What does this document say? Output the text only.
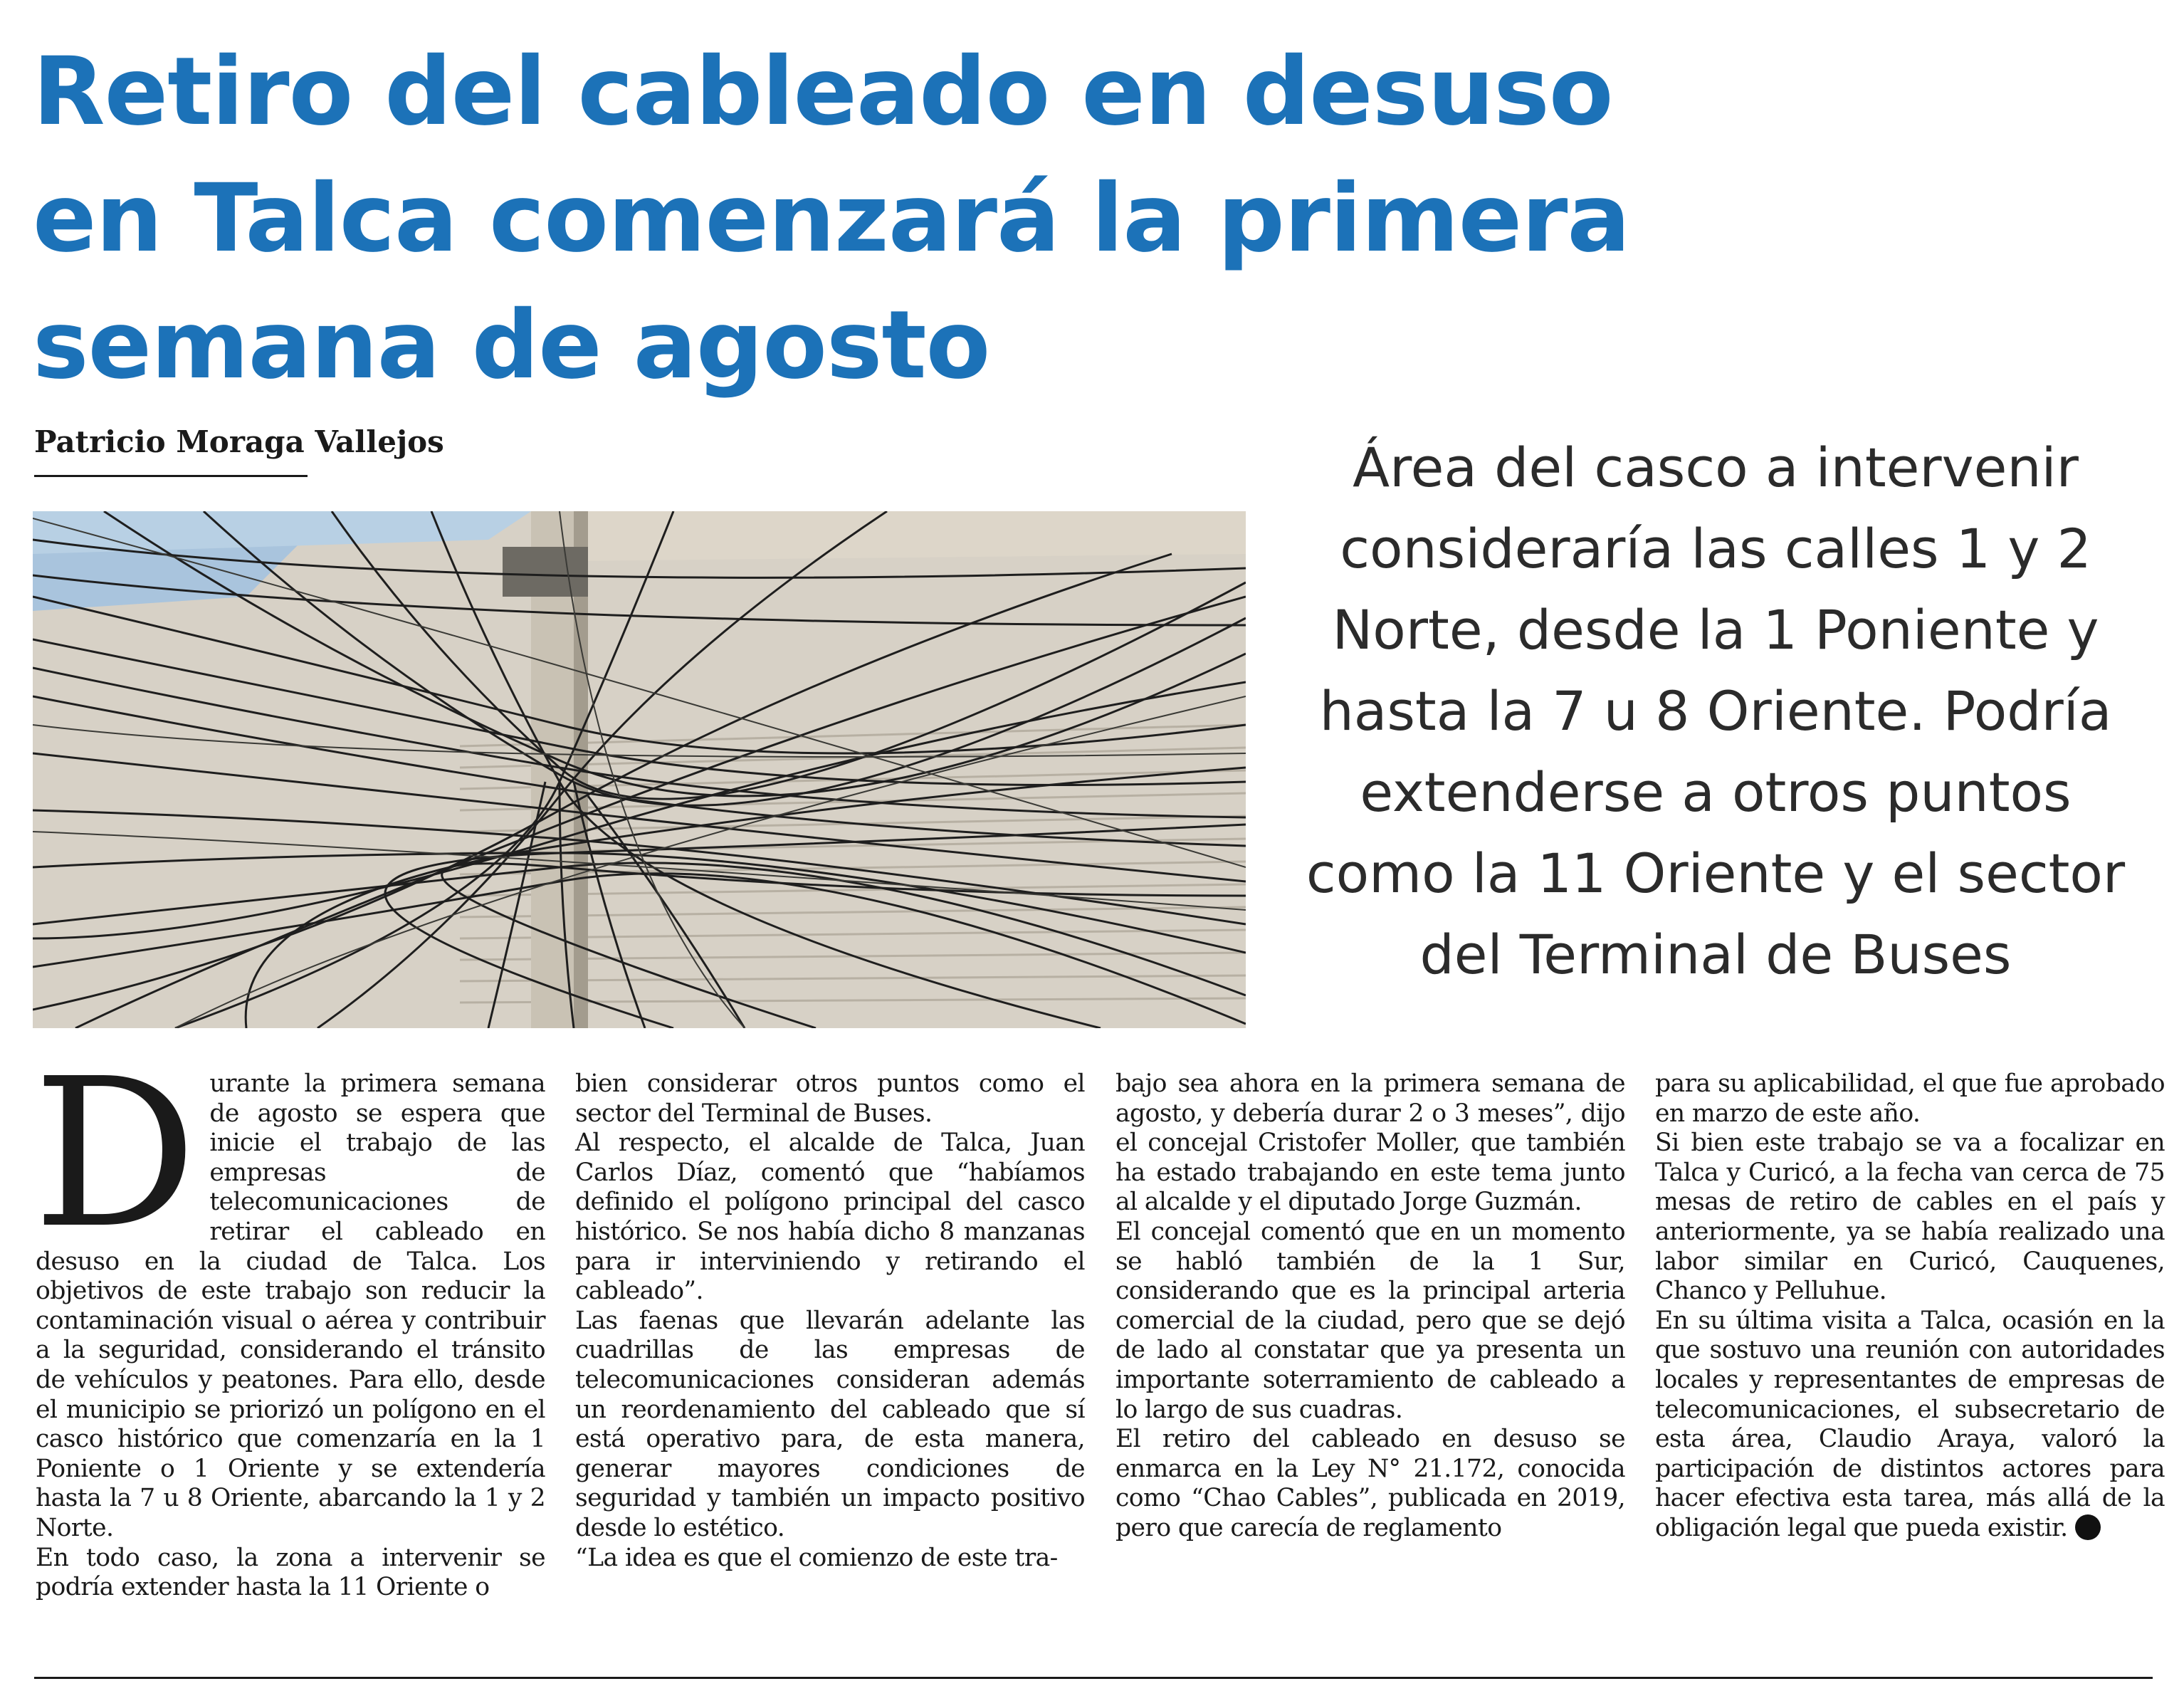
Retiro del cableado en desuso
en Talca comenzará la primera
semana de agosto
Patricio Moraga Vallejos	Área del casco a intervenir
consideraría las calles 1 y 2
Norte, desde la 1 Poniente y
hasta la 7 u 8 Oriente. Podría
extenderse a otros puntos
como la 11 Oriente y el sector
del Terminal de Buses

Durante la primera semana de agosto se espera que inicie el trabajo de las empresas de telecomunicaciones de retirar el cableado en desuso en la ciudad de Talca. Los objetivos de este trabajo son reducir la contaminación visual o aérea y contribuir a la seguridad, considerando el tránsito de vehículos y peatones. Para ello, desde el municipio se priorizó un polígono en el casco histórico que comenzaría en la 1 Poniente o 1 Oriente y se extendería hasta la 7 u 8 Oriente, abarcando la 1 y 2 Norte.

En todo caso, la zona a intervenir se podría extender hasta la 11 Oriente o

bien considerar otros puntos como el sector del Terminal de Buses.

Al respecto, el alcalde de Talca, Juan Carlos Díaz, comentó que “habíamos definido el polígono principal del casco histórico. Se nos había dicho 8 manzanas para ir interviniendo y retirando el cableado”.

Las faenas que llevarán adelante las cuadrillas de las empresas de telecomunicaciones consideran además un reordenamiento del cableado que sí está operativo para, de esta manera, generar mayores condiciones de seguridad y también un impacto positivo desde lo estético.

“La idea es que el comienzo de este tra-

bajo sea ahora en la primera semana de agosto, y debería durar 2 o 3 meses”, dijo el concejal Cristofer Moller, que también ha estado trabajando en este tema junto al alcalde y el diputado Jorge Guzmán.

El concejal comentó que en un momento se habló también de la 1 Sur, considerando que es la principal arteria comercial de la ciudad, pero que se dejó de lado al constatar que ya presenta un importante soterramiento de cableado a lo largo de sus cuadras.

El retiro del cableado en desuso se enmarca en la Ley N° 21.172, conocida como “Chao Cables”, publicada en 2019, pero que carecía de reglamento

para su aplicabilidad, el que fue aprobado en marzo de este año.

Si bien este trabajo se va a focalizar en Talca y Curicó, a la fecha van cerca de 75 mesas de retiro de cables en el país y anteriormente, ya se había realizado una labor similar en Curicó, Cauquenes, Chanco y Pelluhue.

En su última visita a Talca, ocasión en la que sostuvo una reunión con autoridades locales y representantes de empresas de telecomunicaciones, el subsecretario de esta área, Claudio Araya, valoró la participación de distintos actores para hacer efectiva esta tarea, más allá de la obligación legal que pueda existir.
